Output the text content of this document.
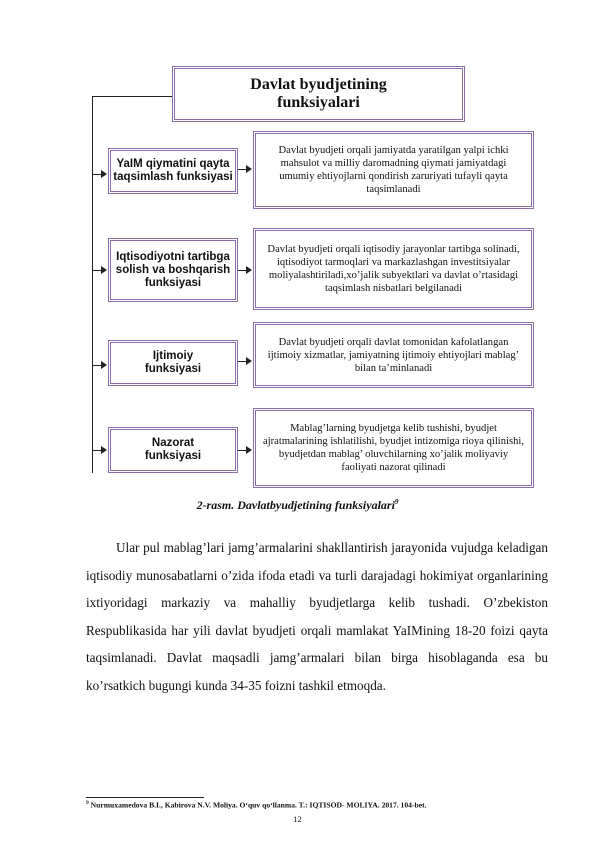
Davlat byudjetining
funksiyalari
YaIM qiymatini qayta
taqsimlash funksiyasi
Davlat byudjeti orqali jamiyatda yaratilgan yalpi ichki mahsulot va milliy daromadning qiymati jamiyatdagi umumiy ehtiyojlarni qondirish zaruriyati tufayli qayta taqsimlanadi
Iqtisodiyotni tartibga
solish va boshqarish
funksiyasi
Davlat byudjeti orqali iqtisodiy jarayonlar tartibga solinadi, iqtisodiyot tarmoqlari va markazlashgan investitsiyalar moliyalashtiriladi,xo’jalik subyektlari va davlat o’rtasidagi taqsimlash nisbatlari belgilanadi
Ijtimoiy
funksiyasi
Davlat byudjeti orqali davlat tomonidan kafolatlangan ijtimoiy xizmatlar, jamiyatning ijtimoiy ehtiyojlari mablag’ bilan ta’minlanadi
Nazorat
funksiyasi
Mablag’larning byudjetga kelib tushishi, byudjet ajratmalarining ishlatilishi, byudjet intizomiga rioya qilinishi, byudjetdan mablag’ oluvchilarning xo’jalik moliyaviy faoliyati nazorat qilinadi
2-rasm. Davlatbyudjetining funksiyalari$^9$
Ular pul mablag’lari jamg’armalarini shakllantirish jarayonida vujudga keladigan iqtisodiy munosabatlarni o’zida ifoda etadi va turli darajadagi hokimiyat organlarining ixtiyoridagi markaziy va mahalliy byudjetlarga kelib tushadi. O’zbekiston Respublikasida har yili davlat byudjeti orqali mamlakat YaIMining 18-20 foizi qayta taqsimlanadi. Davlat maqsadli jamg’armalari bilan birga hisoblaganda esa bu ko’rsatkich bugungi kunda 34-35 foizni tashkil etmoqda.
$^9$ Nurmuxamedova B.I., Kabirova N.V. Moliya. O‘quv qo‘llanma. T.: IQTISOD- MOLIYA. 2017. 104-bet.
12
